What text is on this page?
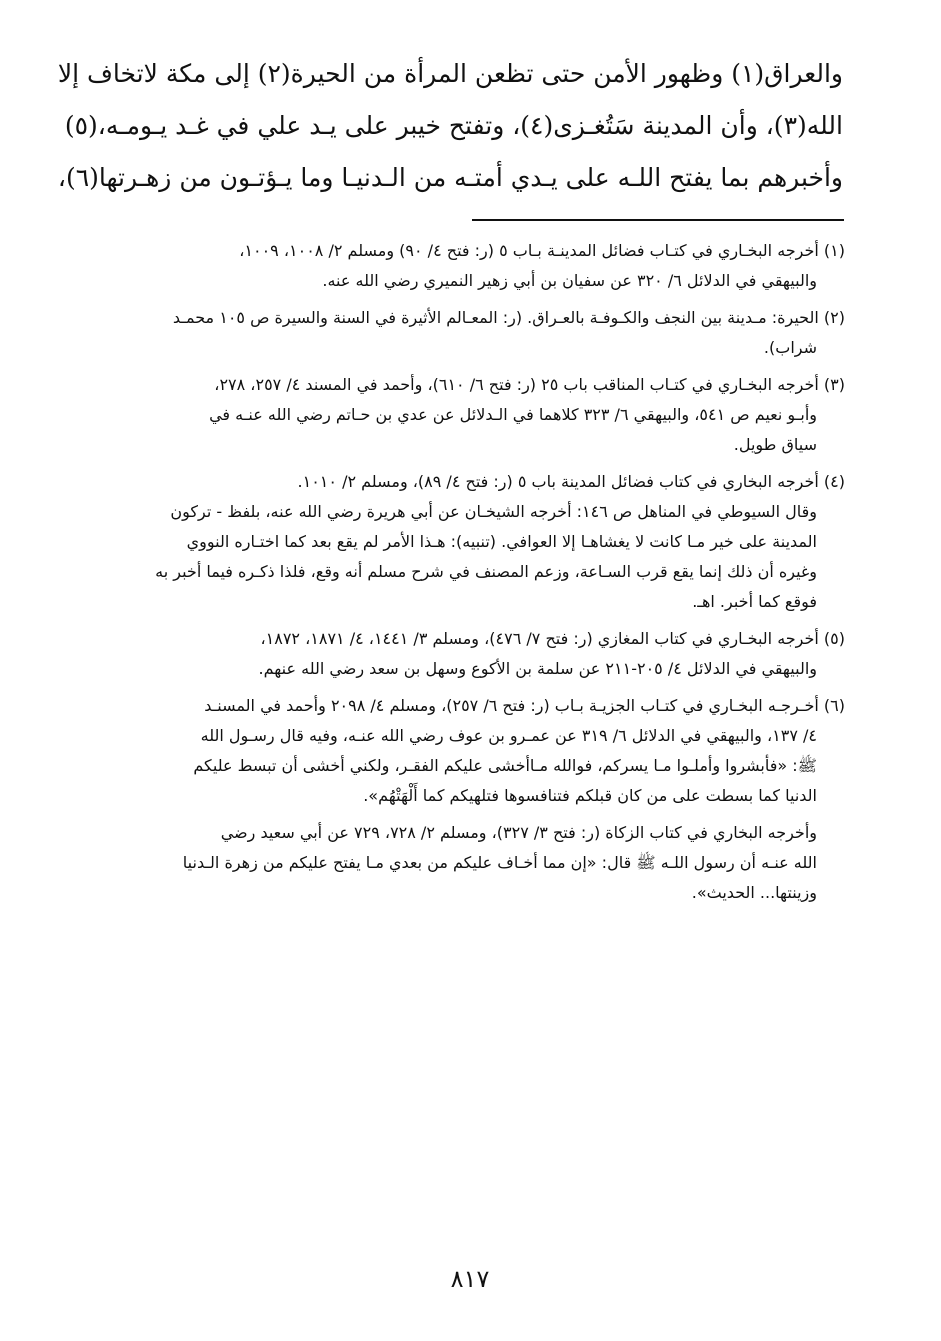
والعراق(١) وظهور الأمن حتى تظعن المرأة من الحيرة(٢) إلى مكة لاتخاف إلا
الله(٣)، وأن المدينة سَتُغـزى(٤)، وتفتح خيبر على يـد علي في غـد يـومـه،(٥)
وأخبرهم بما يفتح اللـه على يـدي أمتـه من الـدنيـا وما يـؤتـون من زهـرتها(٦)،
(١) أخرجه البخـاري في كتـاب فضائل المدينـة بـاب ٥ (ر: فتح ٤/ ٩٠) ومسلم ٢/ ١٠٠٨، ١٠٠٩،
والبيهقي في الدلائل ٦/ ٣٢٠ عن سفيان بن أبي زهير النميري رضي الله عنه.
(٢) الحيرة: مـدينة بين النجف والكـوفـة بالعـراق. (ر: المعـالم الأثيرة في السنة والسيرة ص ١٠٥ محمـد
شراب).
(٣) أخرجه البخـاري في كتـاب المناقب باب ٢٥ (ر: فتح ٦/ ٦١٠)، وأحمد في المسند ٤/ ٢٥٧، ٢٧٨،
وأبـو نعيم ص ٥٤١، والبيهقي ٦/ ٣٢٣ كلاهما في الـدلائل عن عدي بن حـاتم رضي الله عنـه في
سياق طويل.
(٤) أخرجه البخاري في كتاب فضائل المدينة باب ٥ (ر: فتح ٤/ ٨٩)، ومسلم ٢/ ١٠١٠.
وقال السيوطي في المناهل ص ١٤٦: أخرجه الشيخـان عن أبي هريرة رضي الله عنه، بلفظ - تركون
المدينة على خير مـا كانت لا يغشاهـا إلا العوافي. (تنبيه): هـذا الأمر لم يقع بعد كما اختـاره النووي
وغيره أن ذلك إنما يقع قرب السـاعة، وزعم المصنف في شرح مسلم أنه وقع، فلذا ذكـره فيما أخبر به
فوقع كما أخبر. اهـ.
(٥) أخرجه البخـاري في كتاب المغازي (ر: فتح ٧/ ٤٧٦)، ومسلم ٣/ ١٤٤١، ٤/ ١٨٧١، ١٨٧٢،
والبيهقي في الدلائل ٤/ ٢٠٥-٢١١ عن سلمة بن الأكوع وسهل بن سعد رضي الله عنهم.
(٦) أخـرجـه البخـاري في كتـاب الجزيـة بـاب (ر: فتح ٦/ ٢٥٧)، ومسلم ٤/ ٢٠٩٨ وأحمد في المسنـد
٤/ ١٣٧، والبيهقي في الدلائل ٦/ ٣١٩ عن عمـرو بن عوف رضي الله عنـه، وفيه قال رسـول الله
ﷺ: «فأبشروا وأملـوا مـا يسركم، فوالله مـاأخشى عليكم الفقـر، ولكني أخشى أن تبسط عليكم
الدنيا كما بسطت على من كان قبلكم فتنافسوها فتلهيكم كما أَلْهَتْهُم».
وأخرجه البخاري في كتاب الزكاة (ر: فتح ٣/ ٣٢٧)، ومسلم ٢/ ٧٢٨، ٧٢٩ عن أبي سعيد رضي
الله عنـه أن رسول اللـه ﷺ قال: «إن مما أخـاف عليكم من بعدي مـا يفتح عليكم من زهرة الـدنيا
وزينتها... الحديث».
٨١٧
